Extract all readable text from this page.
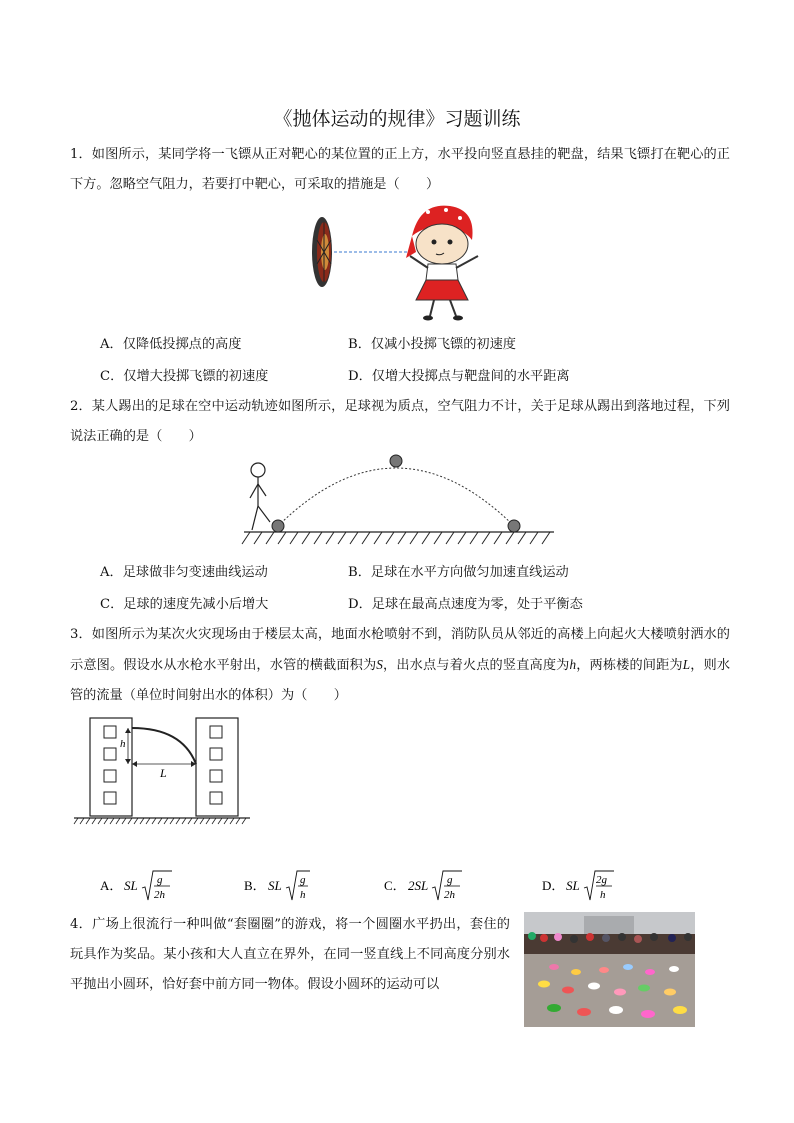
《抛体运动的规律》习题训练
1．如图所示，某同学将一飞镖从正对靶心的某位置的正上方，水平投向竖直悬挂的靶盘，结果飞镖打在靶心的正下方。忽略空气阻力，若要打中靶心，可采取的措施是（　　）
A．仅降低投掷点的高度	B．仅减小投掷飞镖的初速度
C．仅增大投掷飞镖的初速度	D．仅增大投掷点与靶盘间的水平距离
2．某人踢出的足球在空中运动轨迹如图所示，足球视为质点，空气阻力不计，关于足球从踢出到落地过程，下列说法正确的是（　　）
A．足球做非匀变速曲线运动	B．足球在水平方向做匀加速直线运动
C．足球的速度先减小后增大	D．足球在最高点速度为零，处于平衡态
3．如图所示为某次火灾现场由于楼层太高，地面水枪喷射不到，消防队员从邻近的高楼上向起火大楼喷射洒水的示意图。假设水从水枪水平射出，水管的横截面积为S，出水点与着火点的竖直高度为h，两栋楼的间距为L，则水管的流量（单位时间射出水的体积）为（　　）
h
L
A． SL g
2h
B． SL g
h
C． 2SL g
2h
D． SL 2g
h
4．广场上很流行一种叫做“套圈圈”的游戏，将一个圆圈水平扔出，套住的玩具作为奖品。某小孩和大人直立在界外，在同一竖直线上不同高度分别水平抛出小圆环，恰好套中前方同一物体。假设小圆环的运动可以
